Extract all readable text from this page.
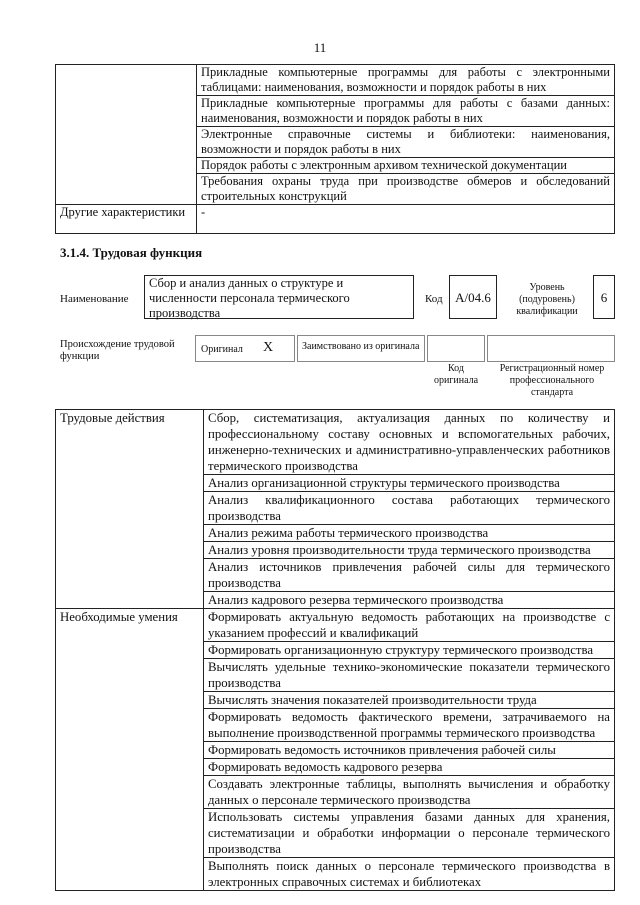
11
	Прикладные компьютерные программы для работы с электронными таблицами: наименования, возможности и порядок работы в них
	Прикладные компьютерные программы для работы с базами данных: наименования, возможности и порядок работы в них
	Электронные справочные системы и библиотеки: наименования, возможности и порядок работы в них
	Порядок работы с электронным архивом технической документации
	Требования охраны труда при производстве обмеров и обследований строительных конструкций
Другие характеристики	-
3.1.4. Трудовая функция
Наименование
Сбор и анализ данных о структуре и численности персонала термического производства
Код А/04.6
Уровень (подуровень) квалификации
6
Происхождение трудовой функции
Оригинал X	Заимствовано из оригинала
Код оригинала
Регистрационный номер профессионального стандарта
Трудовые действия	Сбор, систематизация, актуализация данных по количеству и профессиональному составу основных и вспомогательных рабочих, инженерно-технических и административно-управленческих работников термического производства
	Анализ организационной структуры термического производства
	Анализ квалификационного состава работающих термического производства
	Анализ режима работы термического производства
	Анализ уровня производительности труда термического производства
	Анализ источников привлечения рабочей силы для термического производства
	Анализ кадрового резерва термического производства
Необходимые умения	Формировать актуальную ведомость работающих на производстве с указанием профессий и квалификаций
	Формировать организационную структуру термического производства
	Вычислять удельные технико-экономические показатели термического производства
	Вычислять значения показателей производительности труда
	Формировать ведомость фактического времени, затрачиваемого на выполнение производственной программы термического производства
	Формировать ведомость источников привлечения рабочей силы
	Формировать ведомость кадрового резерва
	Создавать электронные таблицы, выполнять вычисления и обработку данных о персонале термического производства
	Использовать системы управления базами данных для хранения, систематизации и обработки информации о персонале термического производства
	Выполнять поиск данных о персонале термического производства в электронных справочных системах и библиотеках
